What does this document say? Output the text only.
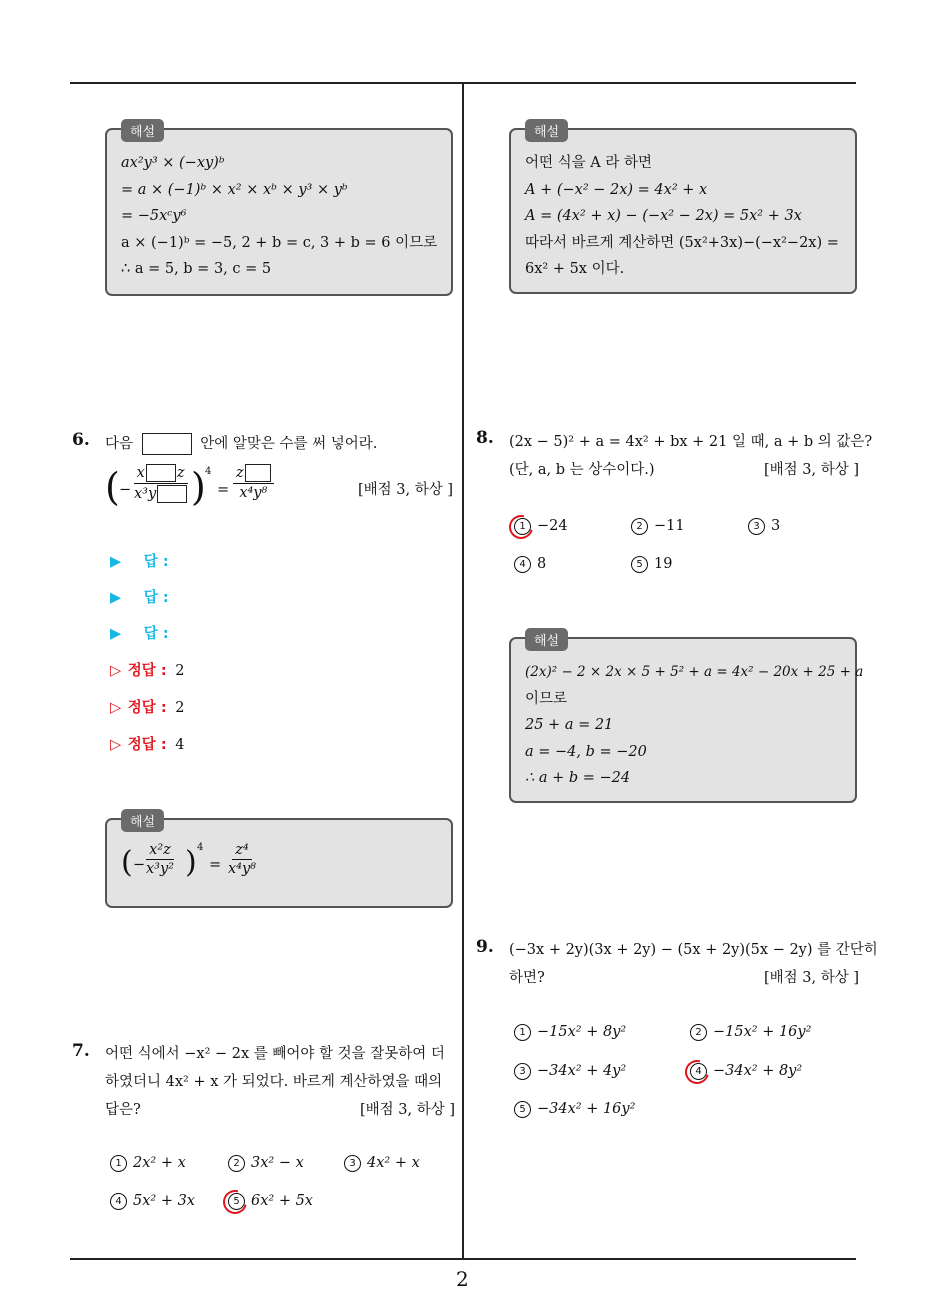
해설
ax²y³ × (−xy)ᵇ
= a × (−1)ᵇ × x² × xᵇ × y³ × yᵇ
= −5xᶜy⁶
a × (−1)ᵇ = −5, 2 + b = c, 3 + b = 6 이므로
∴ a = 5, b = 3, c = 5
6. 다음	안에 알맞은 수를 써 넣어라.
( − $\frac{\text{x z}}{\text{x³y}}$ ) 4
= $\frac{z}{\text{x⁴y⁸}}$	[배점 3, 하상 ]
▶ 답 :
▶ 답 :
▶ 답 :
▷ 정답 : 2
▷ 정답 : 2
▷ 정답 : 4
해설
( −
$\frac{\text{x²z}}{\text{x³y²}}$ ) 4
= $\frac{\text{z⁴}}{\text{x⁴y⁸}}$
7. 어떤 식에서 −x² − 2x 를 빼어야 할 것을 잘못하여 더
하였더니 4x² + x 가 되었다. 바르게 계산하였을 때의
답은?	[배점 3, 하상 ]
1 2x² + x	2 3x² − x	3 4x² + x
4 5x² + 3x	5 6x² + 5x
해설
어떤 식을 A 라 하면
A + (−x² − 2x) = 4x² + x
A = (4x² + x) − (−x² − 2x) = 5x² + 3x
따라서 바르게 계산하면 (5x²+3x)−(−x²−2x) =
6x² + 5x 이다.
8. (2x − 5)² + a = 4x² + bx + 21 일 때, a + b 의 값은?
(단, a, b 는 상수이다.)	[배점 3, 하상 ]
1 −24	2 −11	3 3
4 8	5 19
해설
(2x)² − 2 × 2x × 5 + 5² + a = 4x² − 20x + 25 + a
이므로
25 + a = 21
a = −4, b = −20
∴ a + b = −24
9. (−3x + 2y)(3x + 2y) − (5x + 2y)(5x − 2y) 를 간단히
하면?	[배점 3, 하상 ]
1 −15x² + 8y²	2 −15x² + 16y²
3 −34x² + 4y²	4 −34x² + 8y²
5 −34x² + 16y²
2
